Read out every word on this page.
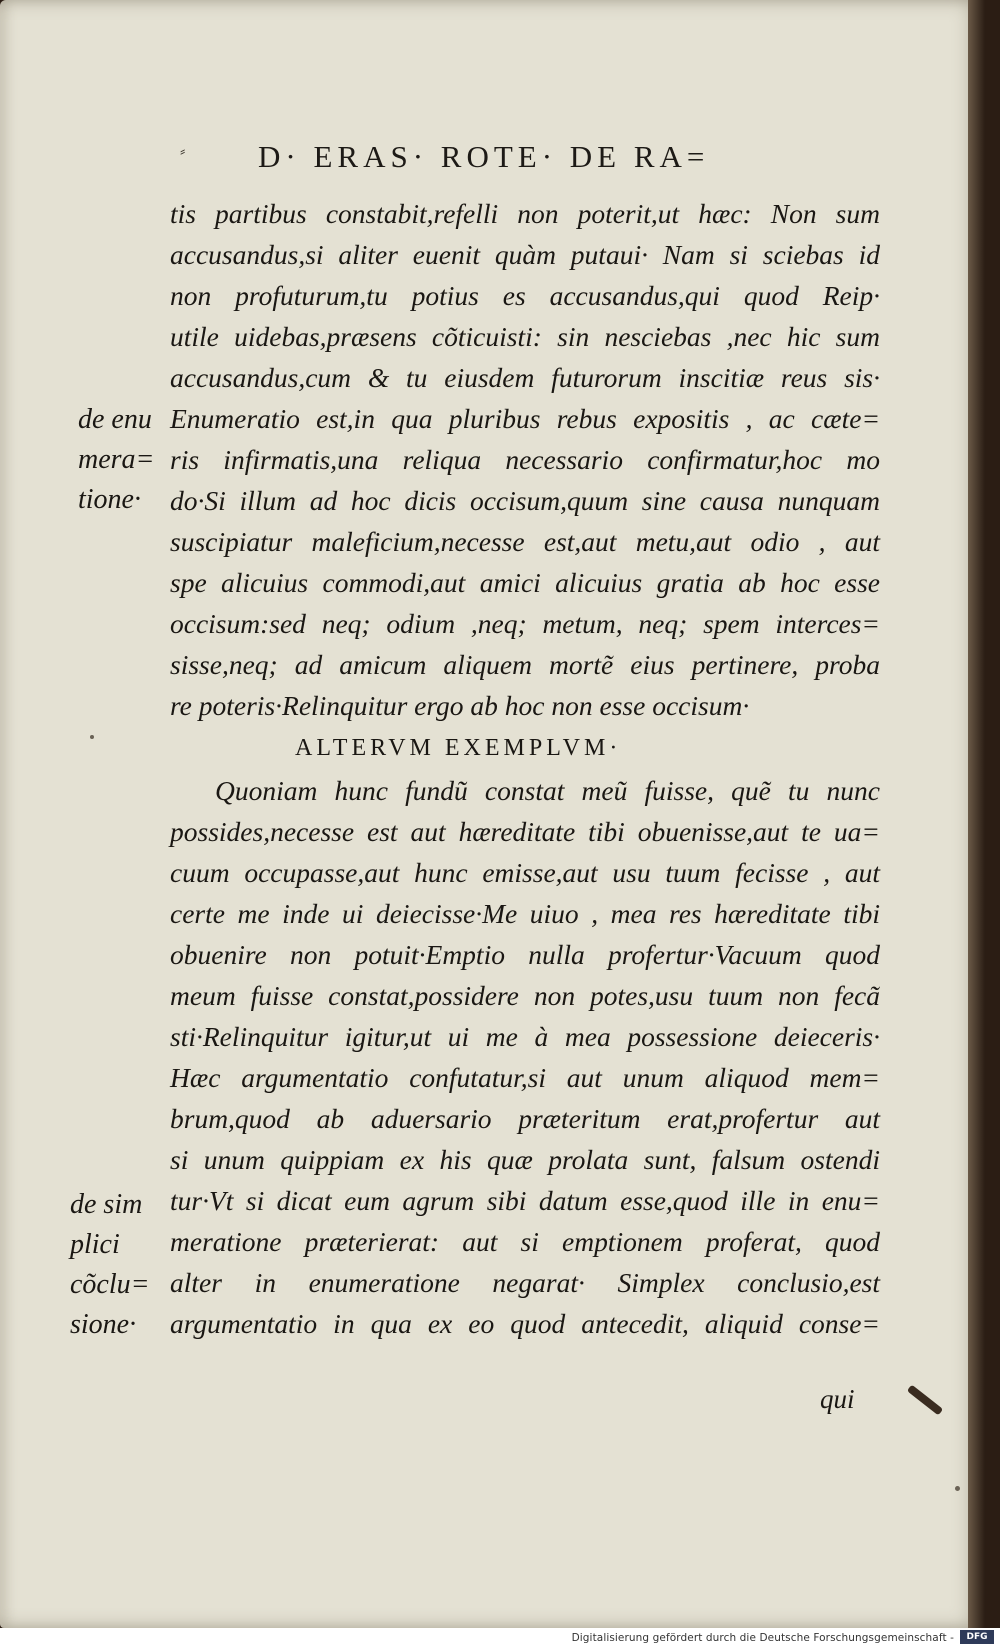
⸗ D· ERAS· ROTE· DE RA=
tis partibus constabit,refelli non poterit,ut hæc: Non sum
accusandus,si aliter euenit quàm putaui· Nam si sciebas id
non profuturum,tu potius es accusandus,qui quod Reip·
utile uidebas,præsens cõticuisti: sin nesciebas ,nec hic sum
accusandus,cum & tu eiusdem futurorum inscitiæ reus sis·
Enumeratio est,in qua pluribus rebus expositis , ac cæte=
ris infirmatis,una reliqua necessario confirmatur,hoc mo
do·Si illum ad hoc dicis occisum,quum sine causa nunquam
suscipiatur maleficium,necesse est,aut metu,aut odio , aut
spe alicuius commodi,aut amici alicuius gratia ab hoc esse
occisum:sed neq; odium ,neq; metum, neq; spem interces=
sisse,neq; ad amicum aliquem mortẽ eius pertinere, proba
re poteris·Relinquitur ergo ab hoc non esse occisum·
ALTERVM EXEMPLVM·
Quoniam hunc fundũ constat meũ fuisse, quẽ tu nunc
possides,necesse est aut hæreditate tibi obuenisse,aut te ua=
cuum occupasse,aut hunc emisse,aut usu tuum fecisse , aut
certe me inde ui deiecisse·Me uiuo , mea res hæreditate tibi
obuenire non potuit·Emptio nulla profertur·Vacuum quod
meum fuisse constat,possidere non potes,usu tuum non fecã
sti·Relinquitur igitur,ut ui me à mea possessione deieceris·
Hæc argumentatio confutatur,si aut unum aliquod mem=
brum,quod ab aduersario præteritum erat,profertur aut
si unum quippiam ex his quæ prolata sunt, falsum ostendi
tur·Vt si dicat eum agrum sibi datum esse,quod ille in enu=
meratione præterierat: aut si emptionem proferat, quod
alter in enumeratione negarat· Simplex conclusio,est
argumentatio in qua ex eo quod antecedit, aliquid conse=
de enu
mera=
tione·
de sim
plici
cõclu=
sione·
qui
Digitalisierung gefördert durch die Deutsche Forschungsgemeinschaft -	DFG
